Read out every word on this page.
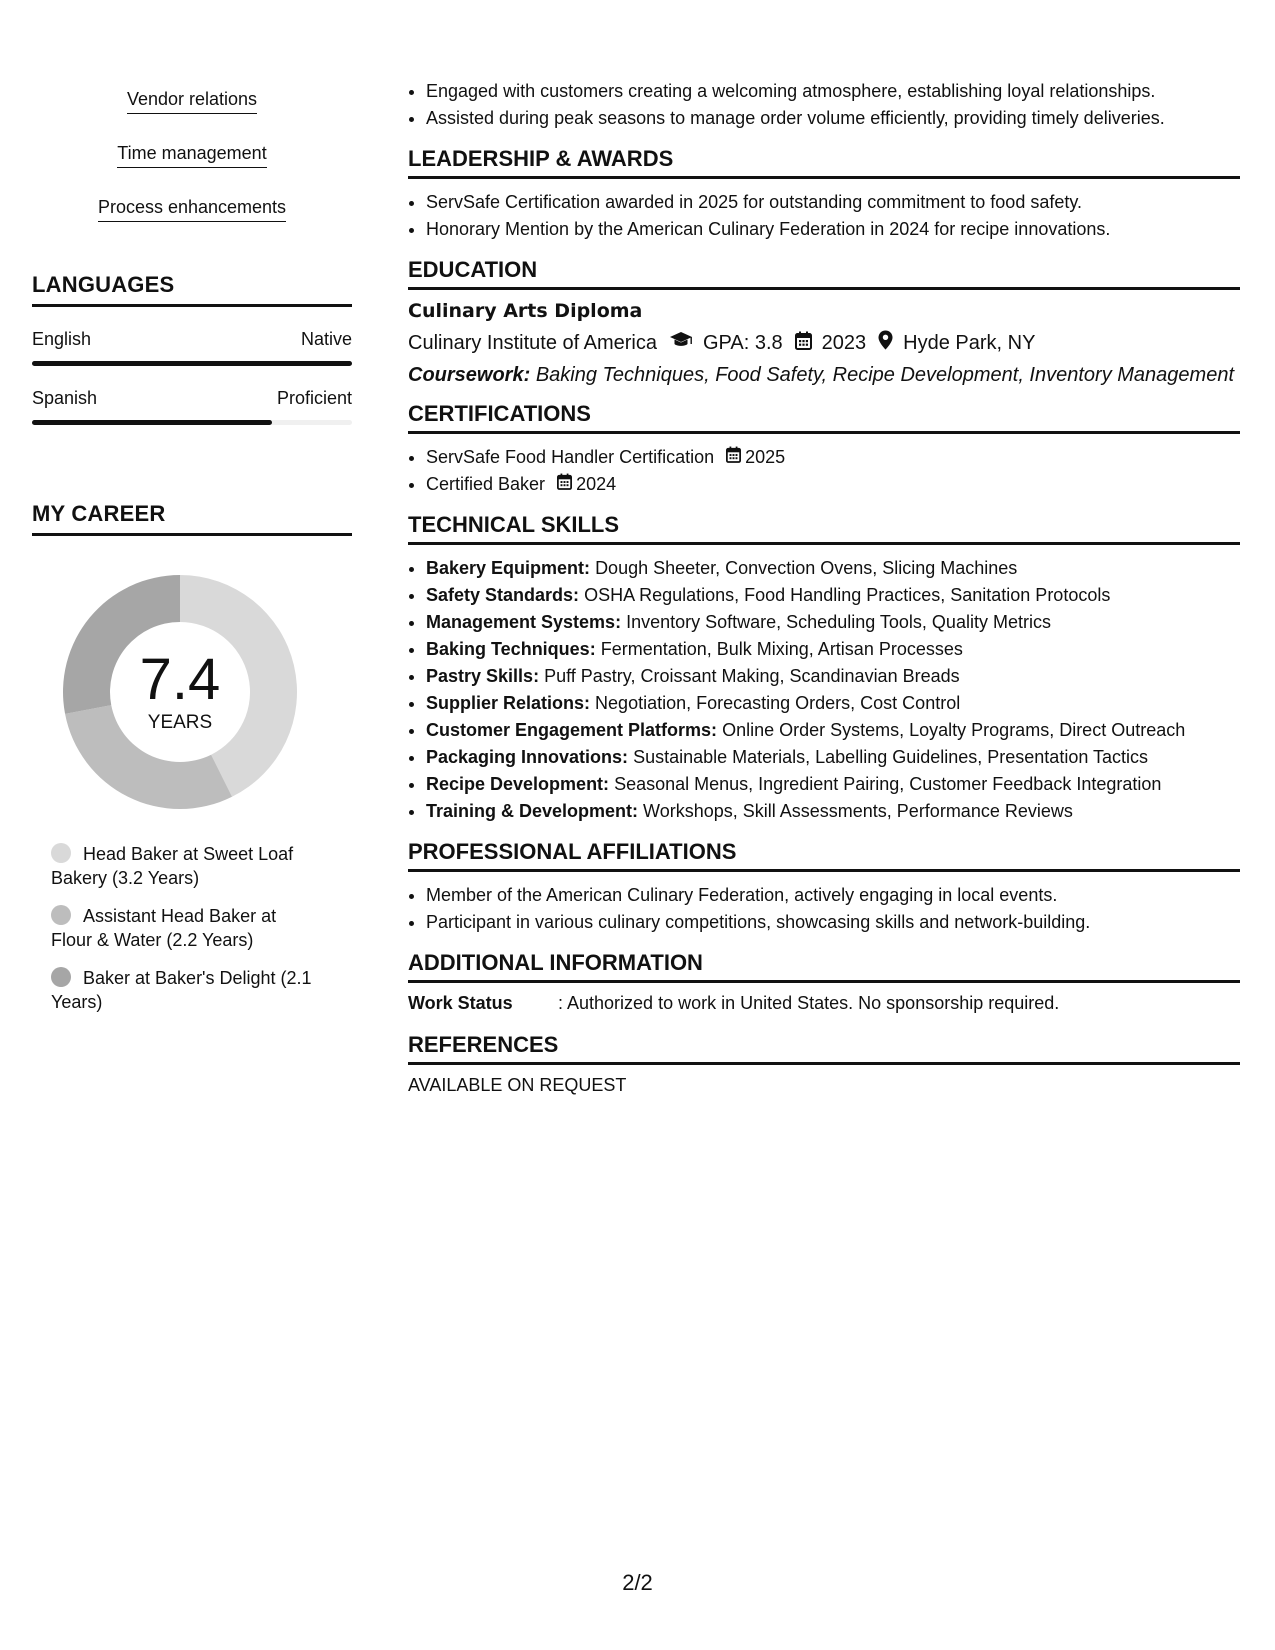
Vendor relations
Time management
Process enhancements
LANGUAGES
English	Native
Spanish	Proficient
MY CAREER
7.4
YEARS
Head Baker at Sweet Loaf Bakery (3.2 Years)
Assistant Head Baker at Flour & Water (2.2 Years)
Baker at Baker's Delight (2.1 Years)
• Engaged with customers creating a welcoming atmosphere, establishing loyal relationships.
• Assisted during peak seasons to manage order volume efficiently, providing timely deliveries.
LEADERSHIP & AWARDS
• ServSafe Certification awarded in 2025 for outstanding commitment to food safety.
• Honorary Mention by the American Culinary Federation in 2024 for recipe innovations.
EDUCATION
Culinary Arts Diploma
Culinary Institute of America GPA: 3.8 2023 Hyde Park, NY
Coursework: Baking Techniques, Food Safety, Recipe Development, Inventory Management
CERTIFICATIONS
• ServSafe Food Handler Certification 2025
• Certified Baker 2024
TECHNICAL SKILLS
• Bakery Equipment: Dough Sheeter, Convection Ovens, Slicing Machines
• Safety Standards: OSHA Regulations, Food Handling Practices, Sanitation Protocols
• Management Systems: Inventory Software, Scheduling Tools, Quality Metrics
• Baking Techniques: Fermentation, Bulk Mixing, Artisan Processes
• Pastry Skills: Puff Pastry, Croissant Making, Scandinavian Breads
• Supplier Relations: Negotiation, Forecasting Orders, Cost Control
• Customer Engagement Platforms: Online Order Systems, Loyalty Programs, Direct Outreach
• Packaging Innovations: Sustainable Materials, Labelling Guidelines, Presentation Tactics
• Recipe Development: Seasonal Menus, Ingredient Pairing, Customer Feedback Integration
• Training & Development: Workshops, Skill Assessments, Performance Reviews
PROFESSIONAL AFFILIATIONS
• Member of the American Culinary Federation, actively engaging in local events.
• Participant in various culinary competitions, showcasing skills and network-building.
ADDITIONAL INFORMATION
Work Status	: Authorized to work in United States. No sponsorship required.
REFERENCES
AVAILABLE ON REQUEST
2/2
